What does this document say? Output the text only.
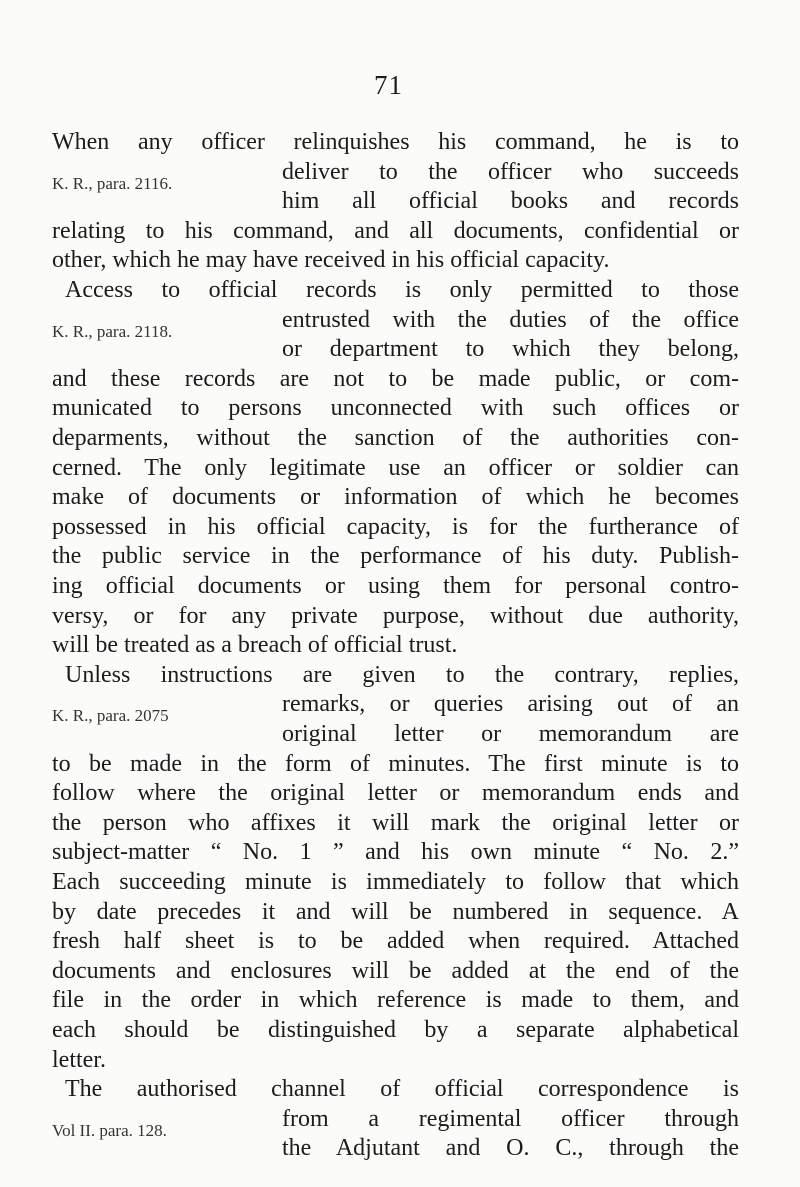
71
When any officer relinquishes his command, he is to
K. R., para. 2116.	deliver to the officer who succeeds
him all official books and records
relating to his command, and all documents, confidential or
other, which he may have received in his official capacity.
Access to official records is only permitted to those
K. R., para. 2118.	entrusted with the duties of the office
or department to which they belong,
and these records are not to be made public, or com-
municated to persons unconnected with such offices or
deparments, without the sanction of the authorities con-
cerned. The only legitimate use an officer or soldier can
make of documents or information of which he becomes
possessed in his official capacity, is for the furtherance of
the public service in the performance of his duty. Publish-
ing official documents or using them for personal contro-
versy, or for any private purpose, without due authority,
will be treated as a breach of official trust.
Unless instructions are given to the contrary, replies,
K. R., para. 2075	remarks, or queries arising out of an
original letter or memorandum are
to be made in the form of minutes. The first minute is to
follow where the original letter or memorandum ends and
the person who affixes it will mark the original letter or
subject-matter “ No. 1 ” and his own minute “ No. 2.”
Each succeeding minute is immediately to follow that which
by date precedes it and will be numbered in sequence. A
fresh half sheet is to be added when required. Attached
documents and enclosures will be added at the end of the
file in the order in which reference is made to them, and
each should be distinguished by a separate alphabetical
letter.
The authorised channel of official correspondence is
from a regimental officer through
the Adjutant and O. C., through the
Vol II. para. 128.
